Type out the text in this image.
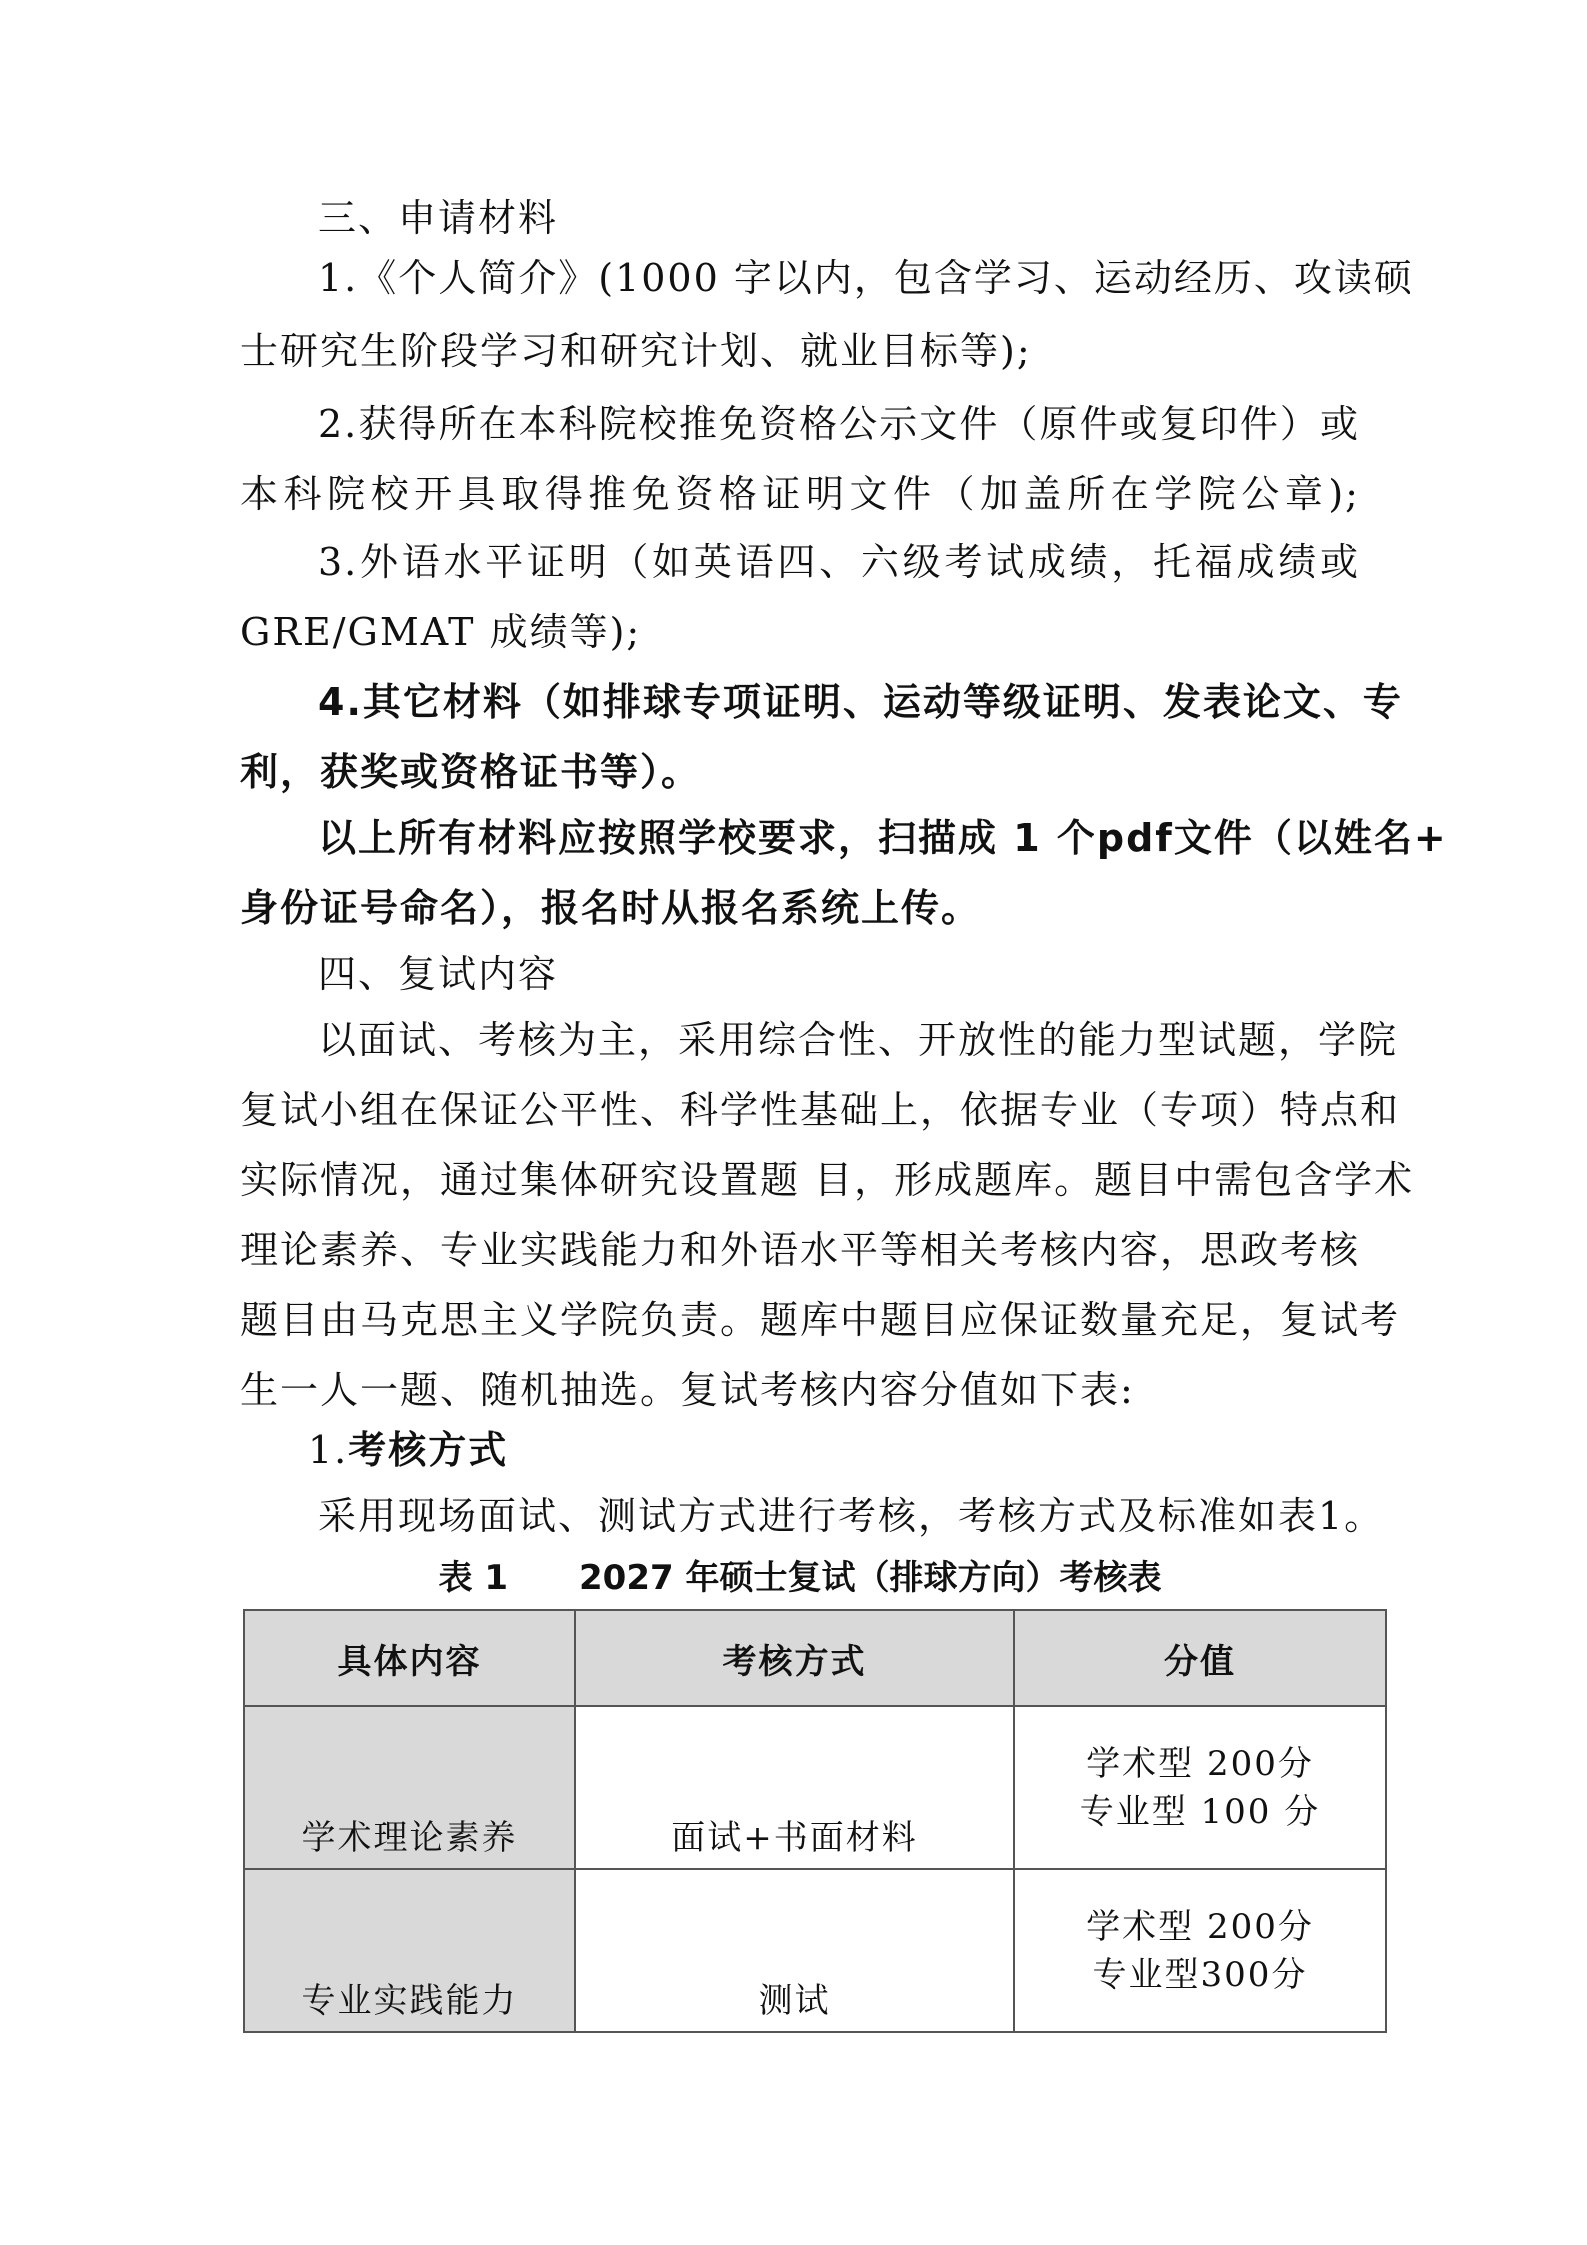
三、申请材料
1.《个人简介》(1000 字以内，包含学习、运动经历、攻读硕
士研究生阶段学习和研究计划、就业目标等);
2.获得所在本科院校推免资格公示文件（原件或复印件）或
本科院校开具取得推免资格证明文件（加盖所在学院公章);
3.外语水平证明（如英语四、六级考试成绩，托福成绩或
GRE/GMAT 成绩等);
4.其它材料（如排球专项证明、运动等级证明、发表论文、专
利，获奖或资格证书等）。
以上所有材料应按照学校要求，扫描成 1 个pdf文件（以姓名+
身份证号命名），报名时从报名系统上传。
四、复试内容
以面试、考核为主，采用综合性、开放性的能力型试题，学院
复试小组在保证公平性、科学性基础上，依据专业（专项）特点和
实际情况，通过集体研究设置题 目，形成题库。题目中需包含学术
理论素养、专业实践能力和外语水平等相关考核内容，思政考核
题目由马克思主义学院负责。题库中题目应保证数量充足，复试考
生一人一题、随机抽选。复试考核内容分值如下表:
1.考核方式
采用现场面试、测试方式进行考核，考核方式及标准如表1。
表 1      2027 年硕士复试（排球方向）考核表
具体内容	考核方式	分值
学术理论素养	面试+书面材料	学术型 200分
专业型 100 分

专业实践能力	测试	学术型 200分
专业型300分
